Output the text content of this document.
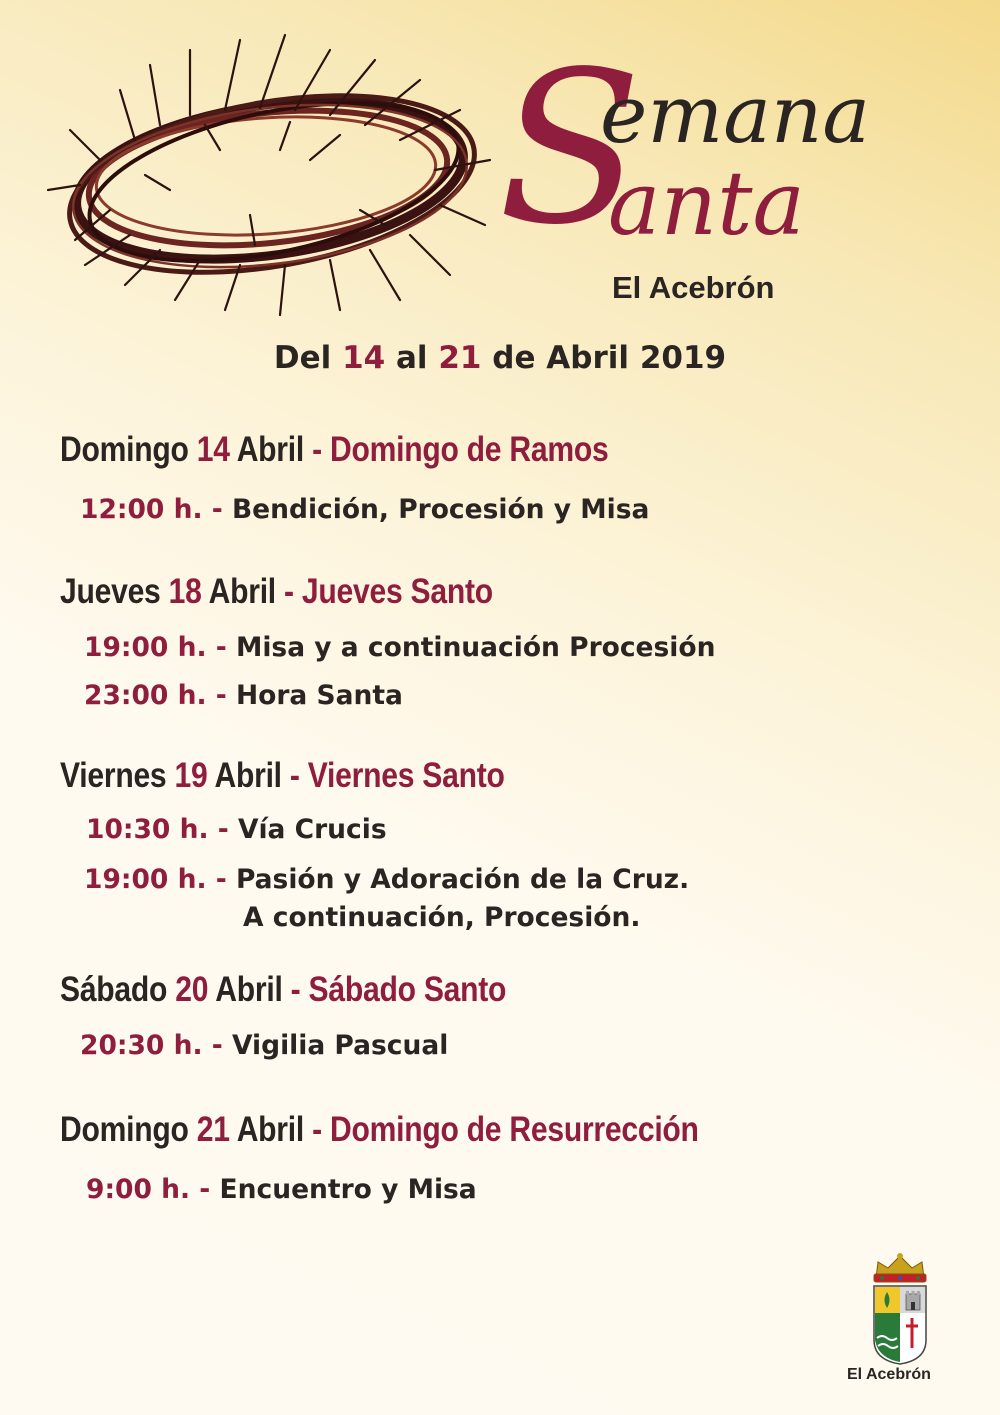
S
emana
anta
El Acebrón
Del 14 al 21 de Abril 2019
Domingo 14 Abril - Domingo de Ramos
12:00 h. - Bendición, Procesión y Misa
Jueves 18 Abril - Jueves Santo
19:00 h. - Misa y a continuación Procesión
23:00 h. - Hora Santa
Viernes 19 Abril - Viernes Santo
10:30 h. - Vía Crucis
19:00 h. - Pasión y Adoración de la Cruz.
A continuación, Procesión.
Sábado 20 Abril - Sábado Santo
20:30 h. - Vigilia Pascual
Domingo 21 Abril - Domingo de Resurrección
9:00 h. - Encuentro y Misa
El Acebrón
